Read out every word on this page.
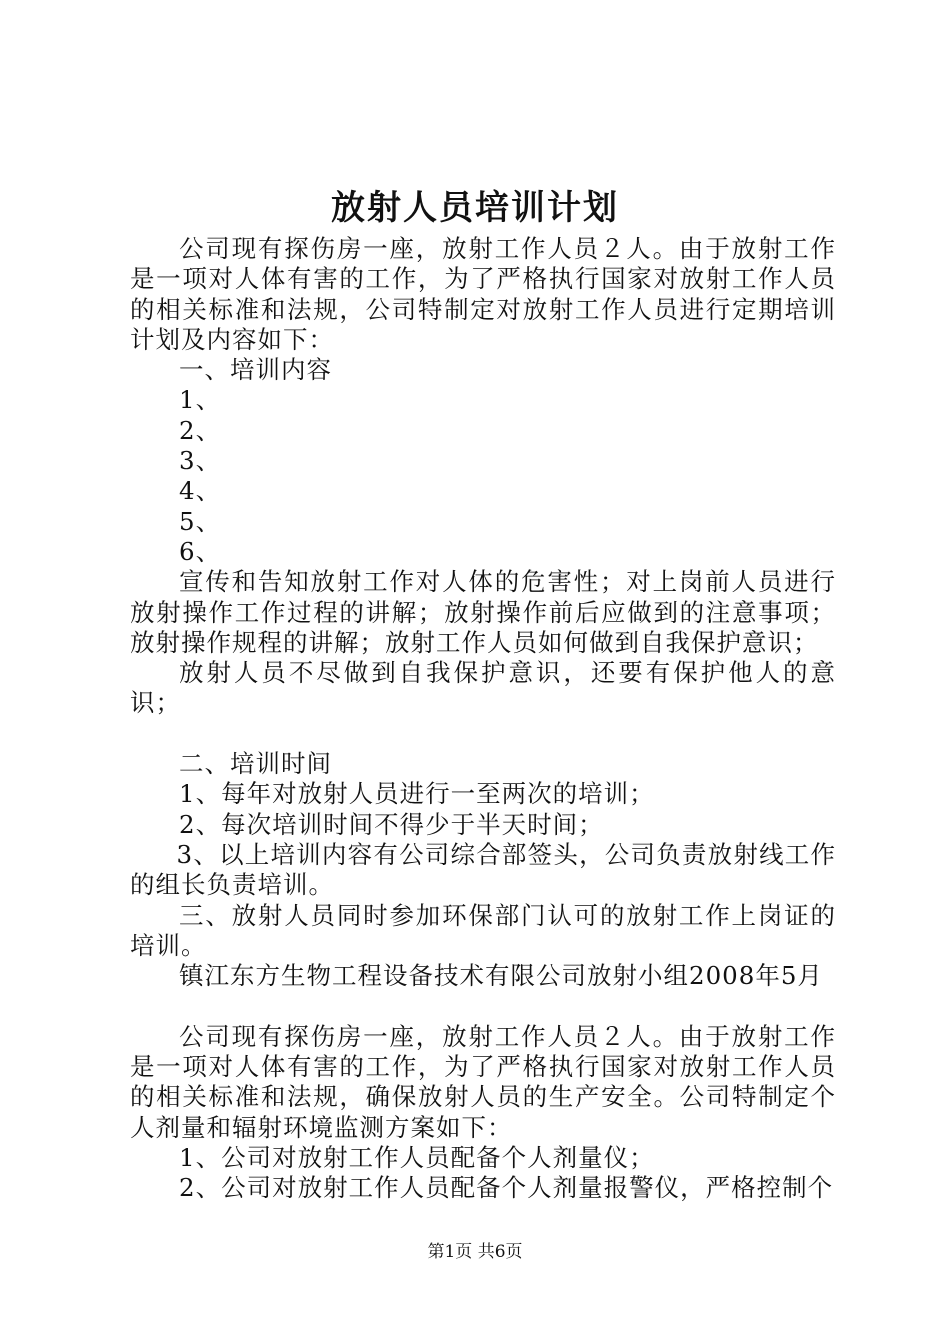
放射人员培训计划

公司现有探伤房一座，放射工作人员２人。由于放射工作是一项对人体有害的工作，为了严格执行国家对放射工作人员的相关标准和法规，公司特制定对放射工作人员进行定期培训计划及内容如下：

一、培训内容

1、

2、

3、

4、

5、

6、

宣传和告知放射工作对人体的危害性；对上岗前人员进行放射操作工作过程的讲解；放射操作前后应做到的注意事项；放射操作规程的讲解；放射工作人员如何做到自我保护意识；

放射人员不尽做到自我保护意识，还要有保护他人的意识；

二、培训时间

1、每年对放射人员进行一至两次的培训；

2、每次培训时间不得少于半天时间；

3、以上培训内容有公司综合部签头，公司负责放射线工作的组长负责培训。

三、放射人员同时参加环保部门认可的放射工作上岗证的培训。

镇江东方生物工程设备技术有限公司放射小组2008年5月

公司现有探伤房一座，放射工作人员２人。由于放射工作是一项对人体有害的工作，为了严格执行国家对放射工作人员的相关标准和法规，确保放射人员的生产安全。公司特制定个人剂量和辐射环境监测方案如下：

1、公司对放射工作人员配备个人剂量仪；

2、公司对放射工作人员配备个人剂量报警仪，严格控制个

第1页 共6页
